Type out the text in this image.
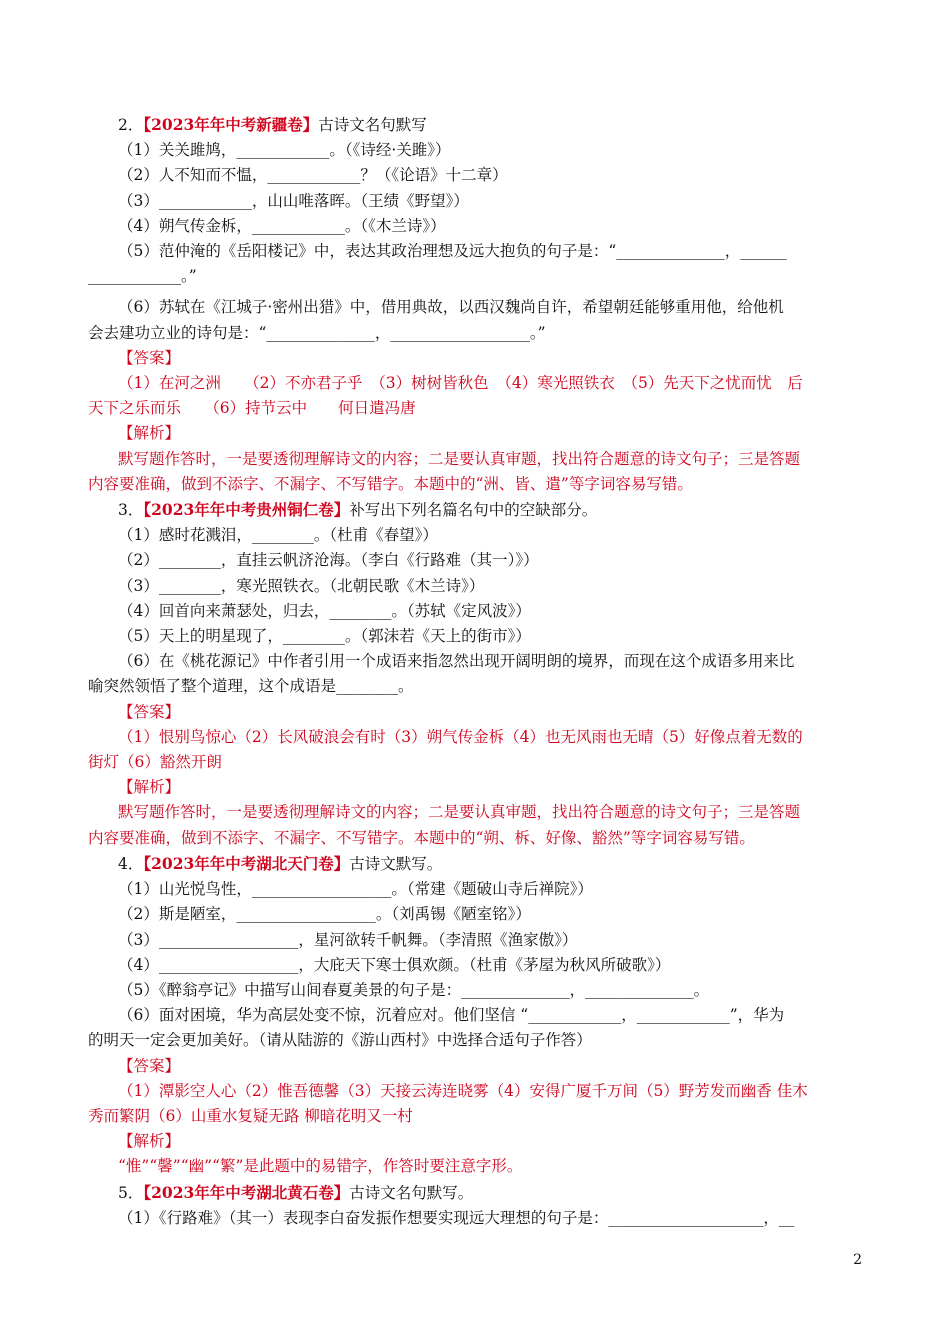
2．【2023年年中考新疆卷】古诗文名句默写
（1）关关雎鸠，____________。（《诗经·关雎》）
（2）人不知而不愠，____________？（《论语》十二章）
（3）____________，山山唯落晖。（王绩《野望》）
（4）朔气传金柝，____________。（《木兰诗》）
（5）范仲淹的《岳阳楼记》中，表达其政治理想及远大抱负的句子是：“______________，______
____________。”
（6）苏轼在《江城子·密州出猎》中，借用典故，以西汉魏尚自许，希望朝廷能够重用他，给他机
会去建功立业的诗句是：“______________，__________________。”
【答案】
（1）在河之洲　　（2）不亦君子乎　（3）树树皆秋色　（4）寒光照铁衣　（5）先天下之忧而忧　后
天下之乐而乐　　（6）持节云中　　何日遣冯唐
【解析】
默写题作答时，一是要透彻理解诗文的内容；二是要认真审题，找出符合题意的诗文句子；三是答题
内容要准确，做到不添字、不漏字、不写错字。本题中的“洲、皆、遣”等字词容易写错。
3．【2023年年中考贵州铜仁卷】补写出下列名篇名句中的空缺部分。
（1）感时花溅泪，________。（杜甫《春望》）
（2）________，直挂云帆济沧海。（李白《行路难（其一）》）
（3）________，寒光照铁衣。（北朝民歌《木兰诗》）
（4）回首向来萧瑟处，归去，________。（苏轼《定风波》）
（5）天上的明星现了，________。（郭沫若《天上的街市》）
（6）在《桃花源记》中作者引用一个成语来指忽然出现开阔明朗的境界，而现在这个成语多用来比
喻突然领悟了整个道理，这个成语是________。
【答案】
（1）恨别鸟惊心（2）长风破浪会有时（3）朔气传金柝（4）也无风雨也无晴（5）好像点着无数的
街灯（6）豁然开朗
【解析】
默写题作答时，一是要透彻理解诗文的内容；二是要认真审题，找出符合题意的诗文句子；三是答题
内容要准确，做到不添字、不漏字、不写错字。本题中的“朔、柝、好像、豁然”等字词容易写错。
4．【2023年年中考湖北天门卷】古诗文默写。
（1）山光悦鸟性，__________________。（常建《题破山寺后禅院》）
（2）斯是陋室，__________________。（刘禹锡《陋室铭》）
（3）__________________，星河欲转千帆舞。（李清照《渔家傲》）
（4）__________________，大庇天下寒士俱欢颜。（杜甫《茅屋为秋风所破歌》）
（5）《醉翁亭记》中描写山间春夏美景的句子是：______________，______________。
（6）面对困境，华为高层处变不惊，沉着应对。他们坚信 “____________，____________”，华为
的明天一定会更加美好。（请从陆游的《游山西村》中选择合适句子作答）
【答案】
（1）潭影空人心（2）惟吾德馨（3）天接云涛连晓雾（4）安得广厦千万间（5）野芳发而幽香 佳木
秀而繁阴（6）山重水复疑无路 柳暗花明又一村
【解析】
“惟”“馨”“幽”“繁”是此题中的易错字，作答时要注意字形。
5．【2023年年中考湖北黄石卷】古诗文名句默写。
（1）《行路难》（其一）表现李白奋发振作想要实现远大理想的句子是：____________________，__
2
